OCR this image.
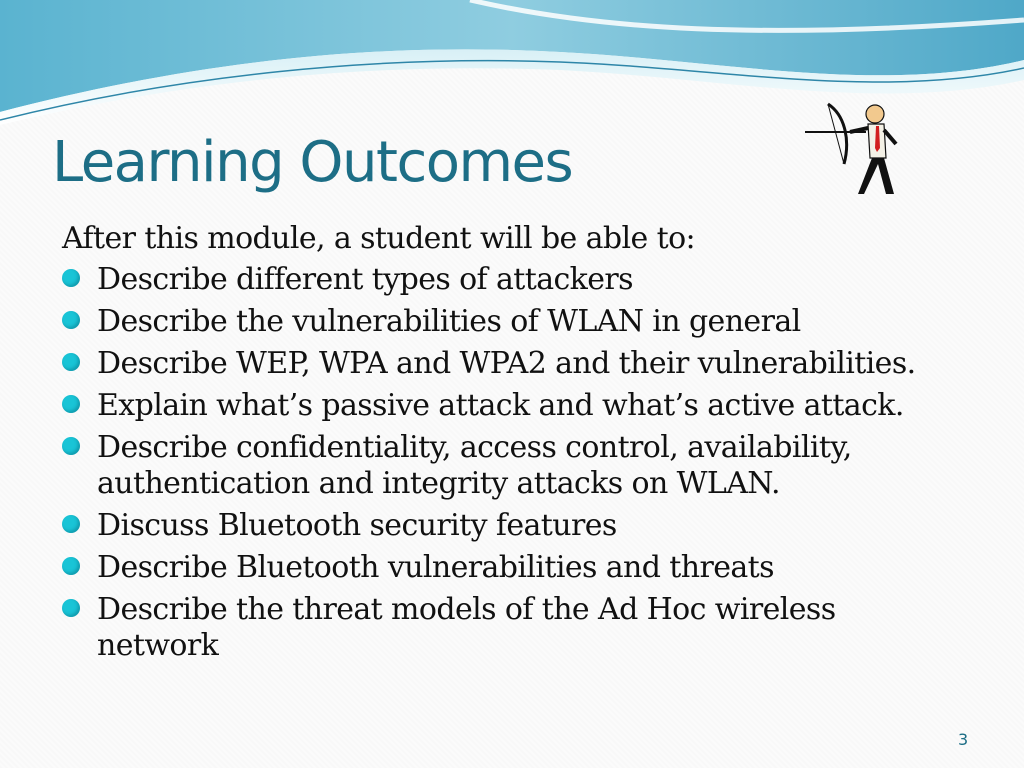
Learning Outcomes

After this module, a student will be able to:

Describe different types of attackers
Describe the vulnerabilities of WLAN in general
Describe WEP, WPA and WPA2 and their vulnerabilities.
Explain what’s passive attack and what’s active attack.
Describe confidentiality, access control, availability, authentication and integrity attacks on WLAN.
Discuss Bluetooth security features
Describe Bluetooth vulnerabilities and threats
Describe the threat models of the Ad Hoc wireless network
3
